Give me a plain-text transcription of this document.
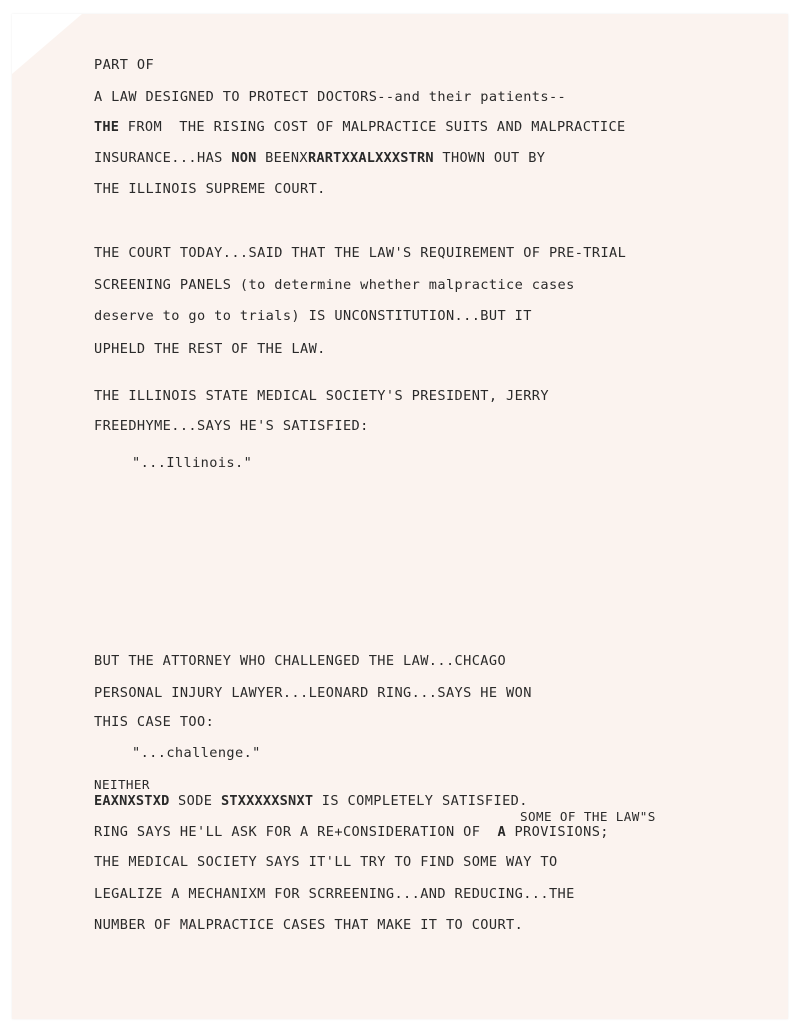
PART OF
A LAW DESIGNED TO PROTECT DOCTORS--and their patients--
THE FROM  THE RISING COST OF MALPRACTICE SUITS AND MALPRACTICE
INSURANCE...HAS NON BEENXRARTXXALXXXSTRN THOWN OUT BY
THE ILLINOIS SUPREME COURT.
THE COURT TODAY...SAID THAT THE LAW'S REQUIREMENT OF PRE-TRIAL
SCREENING PANELS (to determine whether malpractice cases
deserve to go to trials) IS UNCONSTITUTION...BUT IT
UPHELD THE REST OF THE LAW.
THE ILLINOIS STATE MEDICAL SOCIETY'S PRESIDENT, JERRY
FREEDHYME...SAYS HE'S SATISFIED:
"...Illinois."
BUT THE ATTORNEY WHO CHALLENGED THE LAW...CHCAGO
PERSONAL INJURY LAWYER...LEONARD RING...SAYS HE WON
THIS CASE TOO:
"...challenge."
NEITHER
EAXNXSTXD SODE STXXXXXSNXT IS COMPLETELY SATISFIED.
SOME OF THE LAW"S
RING SAYS HE'LL ASK FOR A RE+CONSIDERATION OF  A PROVISIONS;
THE MEDICAL SOCIETY SAYS IT'LL TRY TO FIND SOME WAY TO
LEGALIZE A MECHANIXM FOR SCRREENING...AND REDUCING...THE
NUMBER OF MALPRACTICE CASES THAT MAKE IT TO COURT.
